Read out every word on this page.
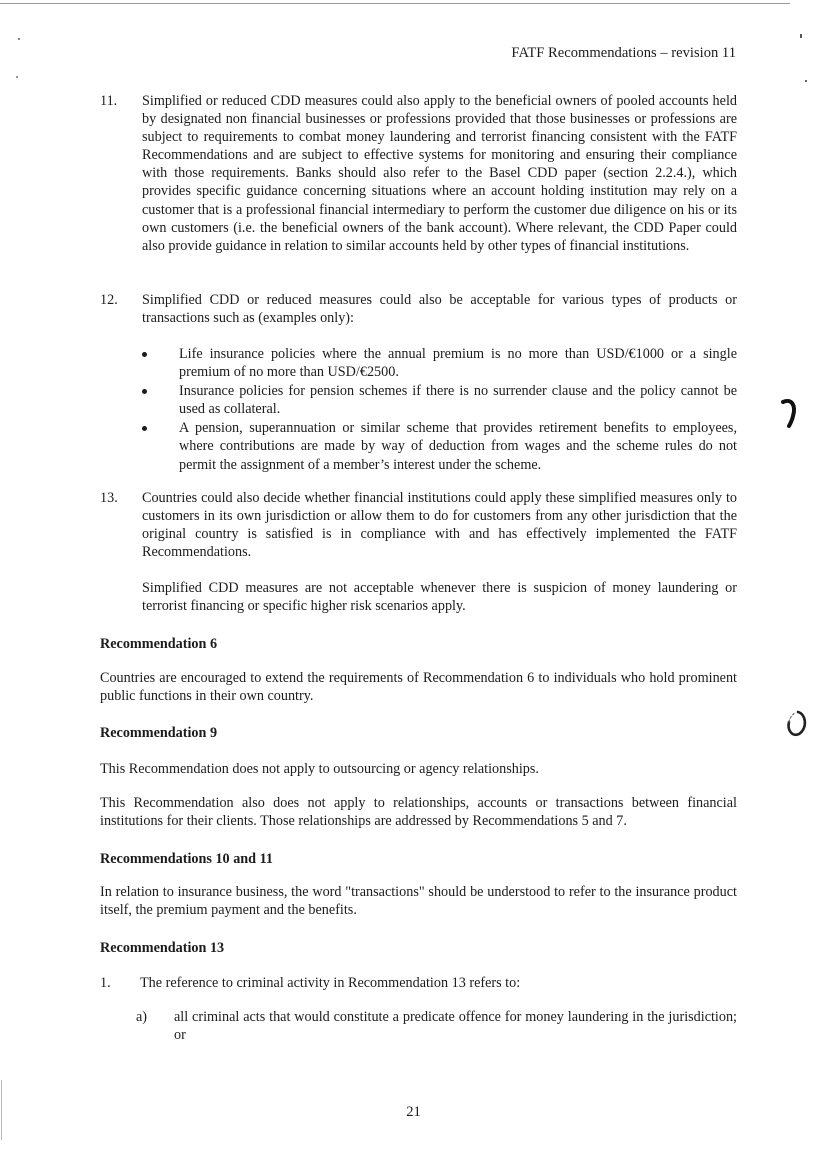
FATF Recommendations – revision 11
11.	Simplified or reduced CDD measures could also apply to the beneficial owners of pooled accounts held by designated non financial businesses or professions provided that those businesses or professions are subject to requirements to combat money laundering and terrorist financing consistent with the FATF Recommendations and are subject to effective systems for monitoring and ensuring their compliance with those requirements. Banks should also refer to the Basel CDD paper (section 2.2.4.), which provides specific guidance concerning situations where an account holding institution may rely on a customer that is a professional financial intermediary to perform the customer due diligence on his or its own customers (i.e. the beneficial owners of the bank account). Where relevant, the CDD Paper could also provide guidance in relation to similar accounts held by other types of financial institutions.
12.	Simplified CDD or reduced measures could also be acceptable for various types of products or transactions such as (examples only):
Life insurance policies where the annual premium is no more than USD/€1000 or a single premium of no more than USD/€2500.
Insurance policies for pension schemes if there is no surrender clause and the policy cannot be used as collateral.
A pension, superannuation or similar scheme that provides retirement benefits to employees, where contributions are made by way of deduction from wages and the scheme rules do not permit the assignment of a member’s interest under the scheme.
13.	Countries could also decide whether financial institutions could apply these simplified measures only to customers in its own jurisdiction or allow them to do for customers from any other jurisdiction that the original country is satisfied is in compliance with and has effectively implemented the FATF Recommendations.
Simplified CDD measures are not acceptable whenever there is suspicion of money laundering or terrorist financing or specific higher risk scenarios apply.
Recommendation 6
Countries are encouraged to extend the requirements of Recommendation 6 to individuals who hold prominent public functions in their own country.
Recommendation 9
This Recommendation does not apply to outsourcing or agency relationships.
This Recommendation also does not apply to relationships, accounts or transactions between financial institutions for their clients. Those relationships are addressed by Recommendations 5 and 7.
Recommendations 10 and 11
In relation to insurance business, the word "transactions" should be understood to refer to the insurance product itself, the premium payment and the benefits.
Recommendation 13
1.	The reference to criminal activity in Recommendation 13 refers to:
a)	all criminal acts that would constitute a predicate offence for money laundering in the jurisdiction; or
21
